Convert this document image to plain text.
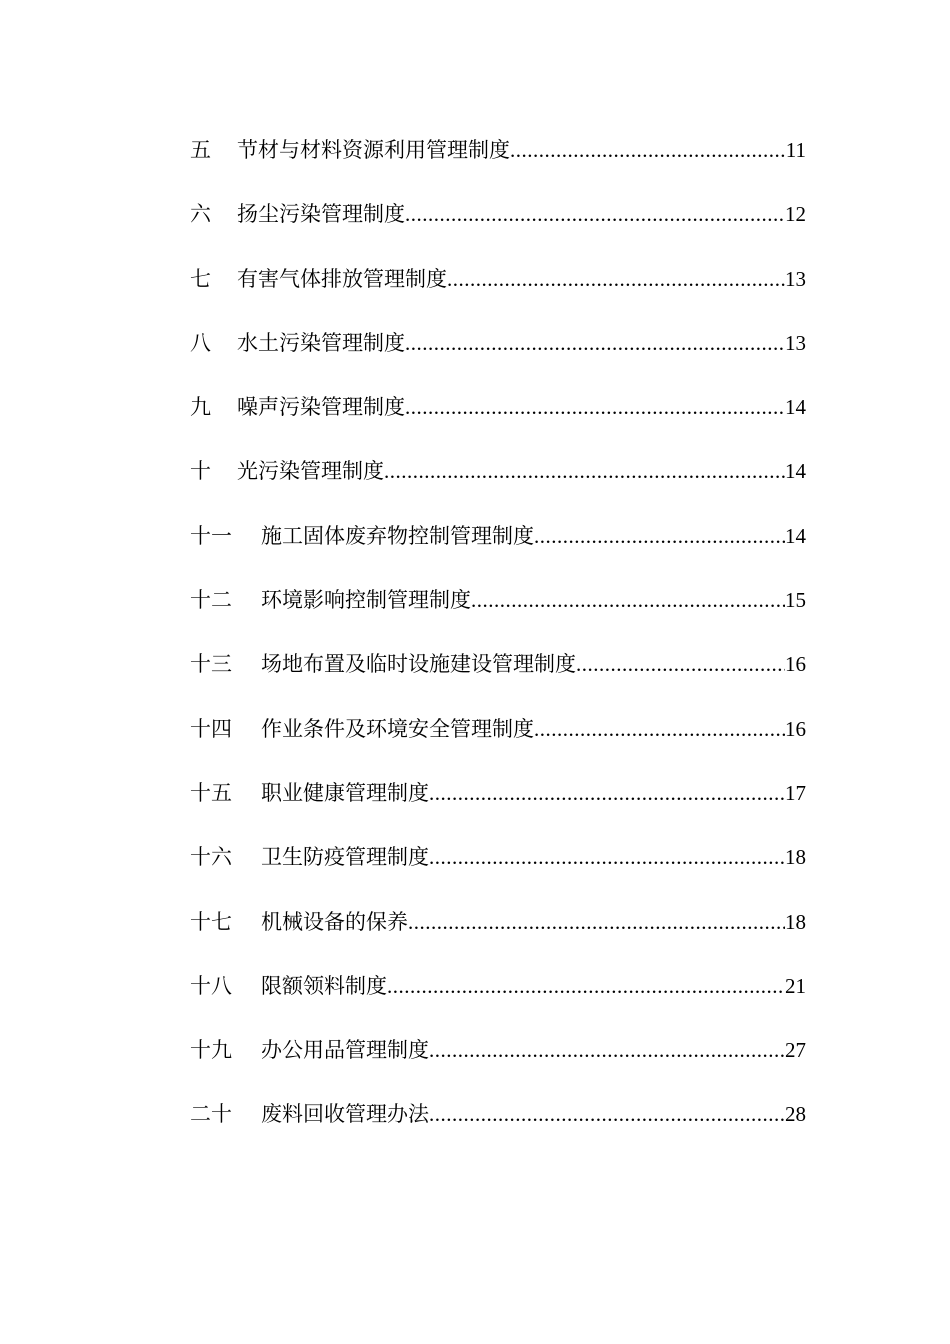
五	节材与材料资源利用管理制度 .....	11
六	扬尘污染管理制度 .....	12
七	有害气体排放管理制度 .....	13
八	水土污染管理制度 .....	13
九	噪声污染管理制度 .....	14
十	光污染管理制度 .....	14
十一	施工固体废弃物控制管理制度 .....	14
十二	环境影响控制管理制度 .....	15
十三	场地布置及临时设施建设管理制度 .....	16
十四	作业条件及环境安全管理制度 .....	16
十五	职业健康管理制度 .....	17
十六	卫生防疫管理制度 .....	18
十七	机械设备的保养 .....	18
十八	限额领料制度 .....	21
十九	办公用品管理制度 .....	27
二十	废料回收管理办法 .....	28
